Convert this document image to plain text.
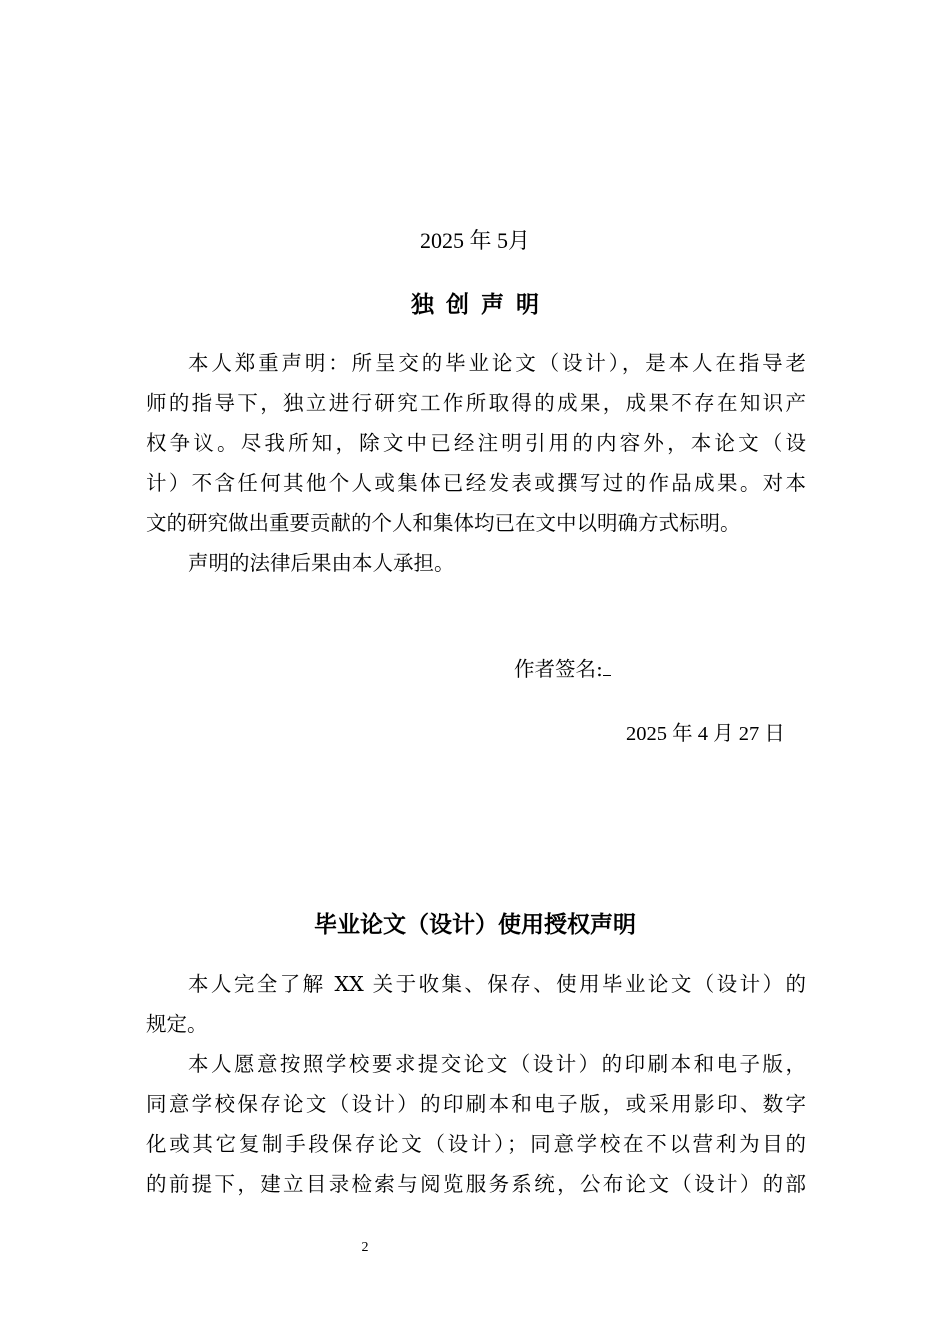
2025 年 5月
独创声明
本人郑重声明：所呈交的毕业论文（设计），是本人在指导老
师的指导下，独立进行研究工作所取得的成果，成果不存在知识产
权争议。尽我所知，除文中已经注明引用的内容外，本论文（设
计）不含任何其他个人或集体已经发表或撰写过的作品成果。对本
文的研究做出重要贡献的个人和集体均已在文中以明确方式标明。
声明的法律后果由本人承担。
作者签名:
2025 年 4 月 27 日
毕业论文（设计）使用授权声明
本人完全了解 XX 关于收集、保存、使用毕业论文（设计）的
规定。
本人愿意按照学校要求提交论文（设计）的印刷本和电子版，
同意学校保存论文（设计）的印刷本和电子版，或采用影印、数字
化或其它复制手段保存论文（设计）；同意学校在不以营利为目的
的前提下，建立目录检索与阅览服务系统，公布论文（设计）的部
2
